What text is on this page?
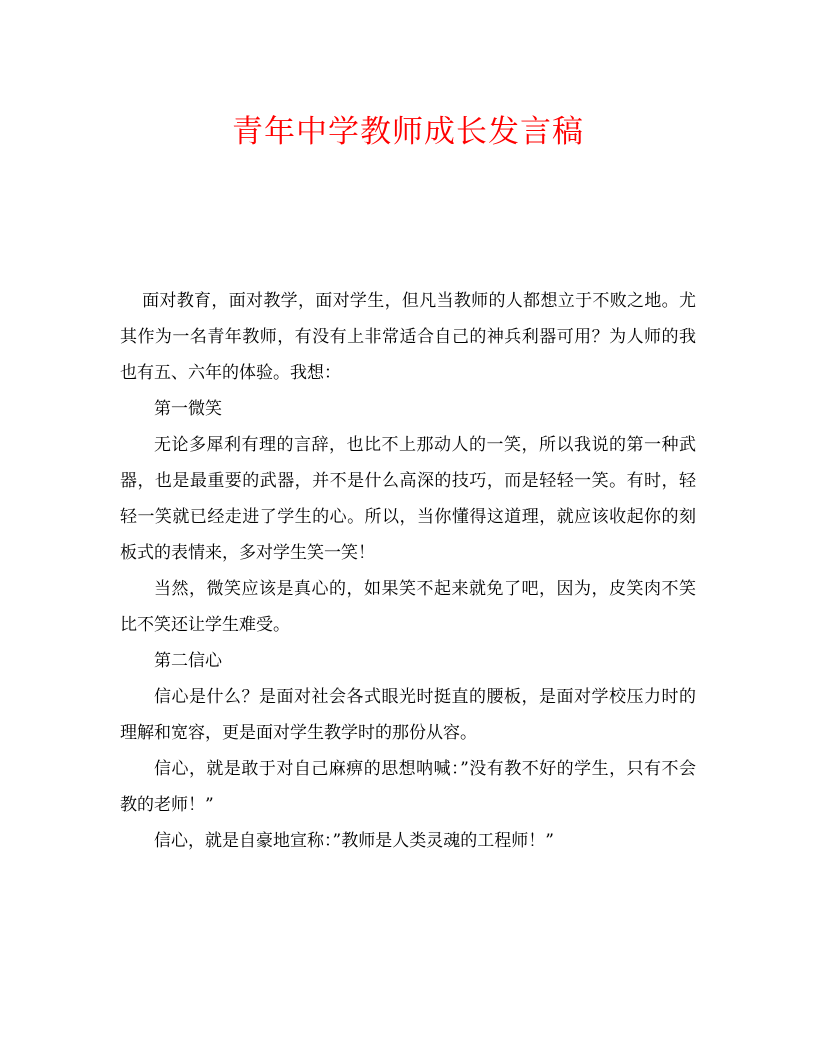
青年中学教师成长发言稿

面对教育，面对教学，面对学生，但凡当教师的人都想立于不败之地。尤其作为一名青年教师，有没有上非常适合自己的神兵利器可用？为人师的我也有五、六年的体验。我想：

第一微笑

无论多犀利有理的言辞，也比不上那动人的一笑，所以我说的第一种武器，也是最重要的武器，并不是什么高深的技巧，而是轻轻一笑。有时，轻轻一笑就已经走进了学生的心。所以，当你懂得这道理，就应该收起你的刻板式的表情来，多对学生笑一笑！

当然，微笑应该是真心的，如果笑不起来就免了吧，因为，皮笑肉不笑比不笑还让学生难受。

第二信心

信心是什么？是面对社会各式眼光时挺直的腰板，是面对学校压力时的理解和宽容，更是面对学生教学时的那份从容。

信心，就是敢于对自己麻痹的思想呐喊：”没有教不好的学生，只有不会教的老师！”

信心，就是自豪地宣称：”教师是人类灵魂的工程师！”
